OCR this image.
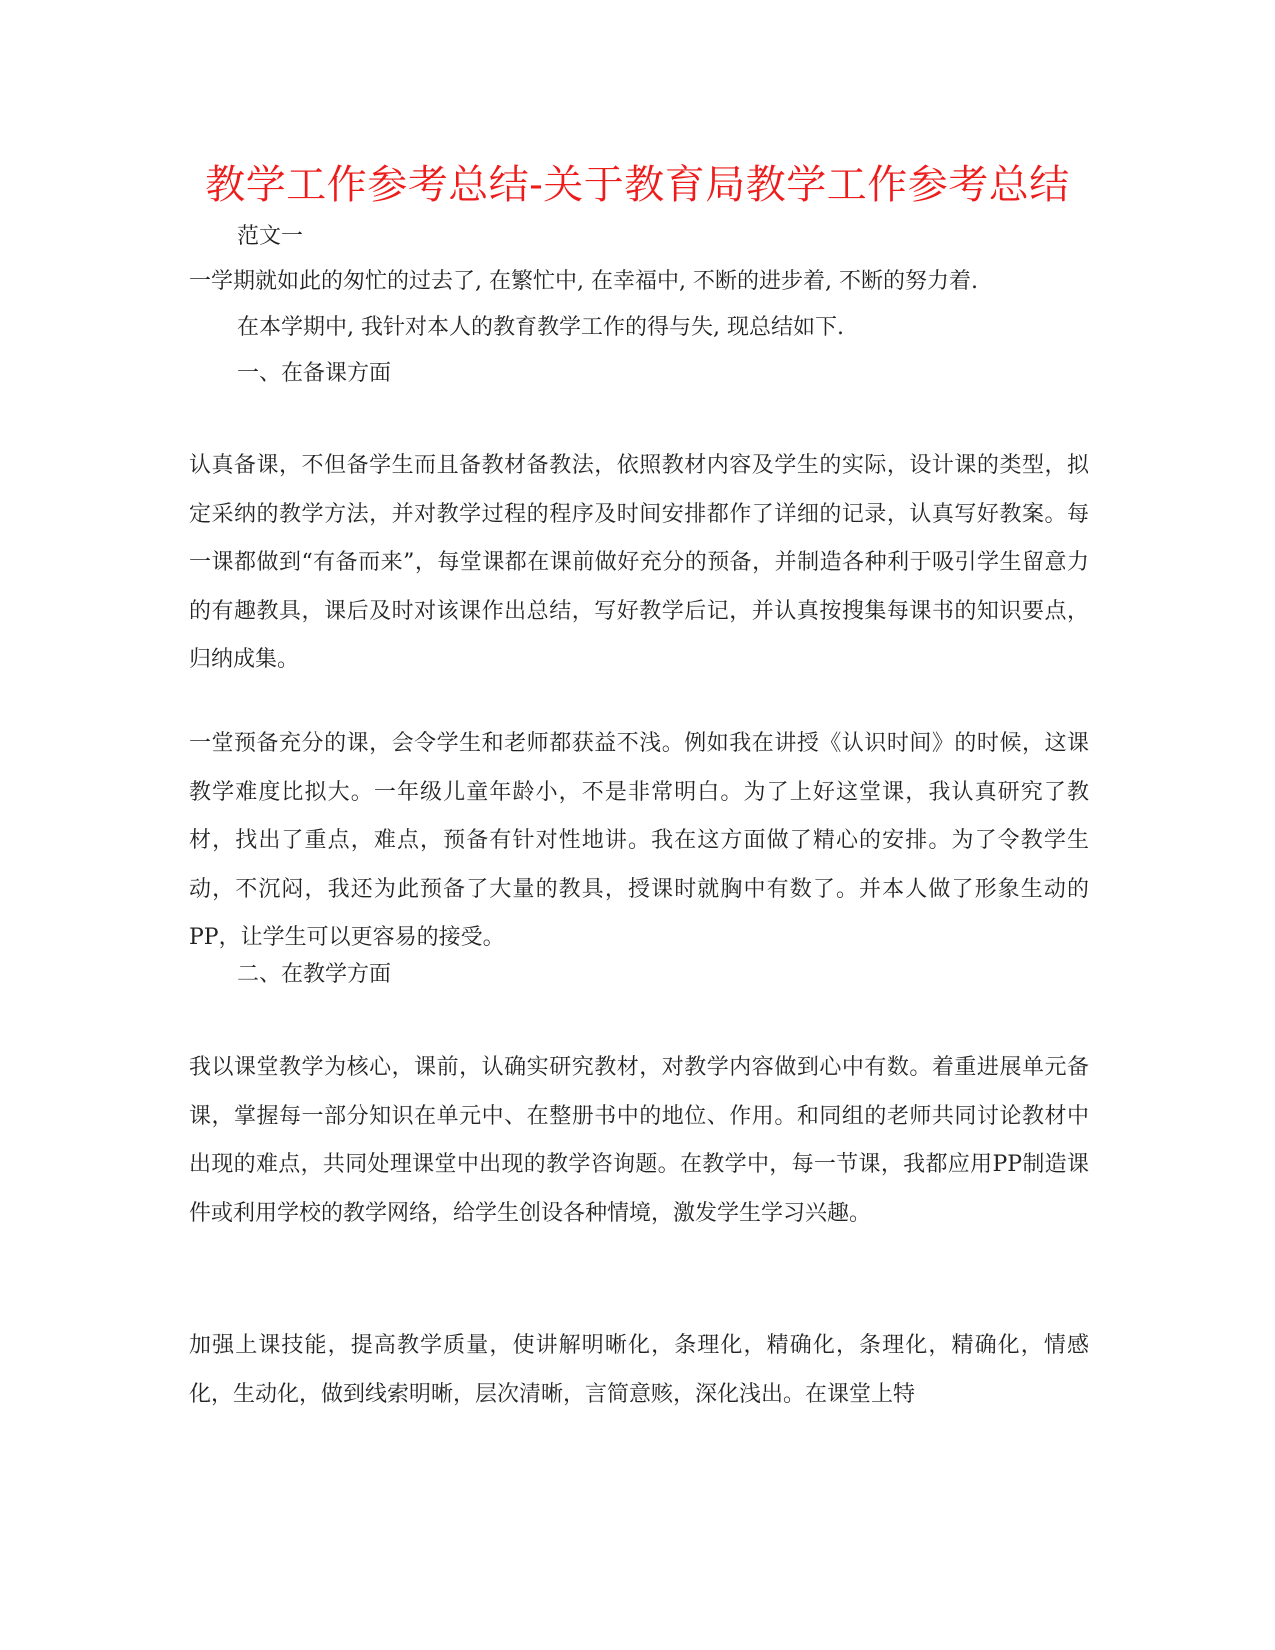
教学工作参考总结-关于教育局教学工作参考总结
范文一
一学期就如此的匆忙的过去了, 在繁忙中, 在幸福中, 不断的进步着, 不断的努力着.
在本学期中, 我针对本人的教育教学工作的得与失, 现总结如下.
一、在备课方面
认真备课，不但备学生而且备教材备教法，依照教材内容及学生的实际，设计课的类型，拟定采纳的教学方法，并对教学过程的程序及时间安排都作了详细的记录，认真写好教案。每一课都做到“有备而来”，每堂课都在课前做好充分的预备，并制造各种利于吸引学生留意力的有趣教具，课后及时对该课作出总结，写好教学后记，并认真按搜集每课书的知识要点，归纳成集。
一堂预备充分的课，会令学生和老师都获益不浅。例如我在讲授《认识时间》的时候，这课教学难度比拟大。一年级儿童年龄小，不是非常明白。为了上好这堂课，我认真研究了教材，找出了重点，难点，预备有针对性地讲。我在这方面做了精心的安排。为了令教学生动，不沉闷，我还为此预备了大量的教具，授课时就胸中有数了。并本人做了形象生动的PP，让学生可以更容易的接受。
二、在教学方面
我以课堂教学为核心，课前，认确实研究教材，对教学内容做到心中有数。着重进展单元备课，掌握每一部分知识在单元中、在整册书中的地位、作用。和同组的老师共同讨论教材中出现的难点，共同处理课堂中出现的教学咨询题。在教学中，每一节课，我都应用PP制造课件或利用学校的教学网络，给学生创设各种情境，激发学生学习兴趣。
加强上课技能，提高教学质量，使讲解明晰化，条理化，精确化，条理化，精确化，情感化，生动化，做到线索明晰，层次清晰，言简意赅，深化浅出。在课堂上特
